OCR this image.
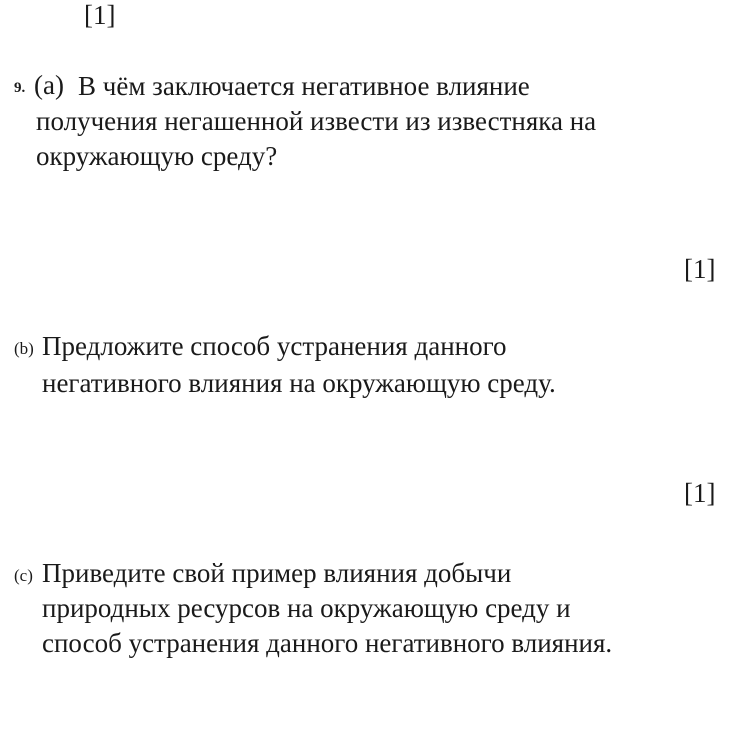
[1]
9. (a) В чём заключается негативное влияние
получения негашенной извести из известняка на
окружающую среду?
[1]
(b) Предложите способ устранения данного
негативного влияния на окружающую среду.
[1]
(c) Приведите свой пример влияния добычи
природных ресурсов на окружающую среду и
способ устранения данного негативного влияния.
